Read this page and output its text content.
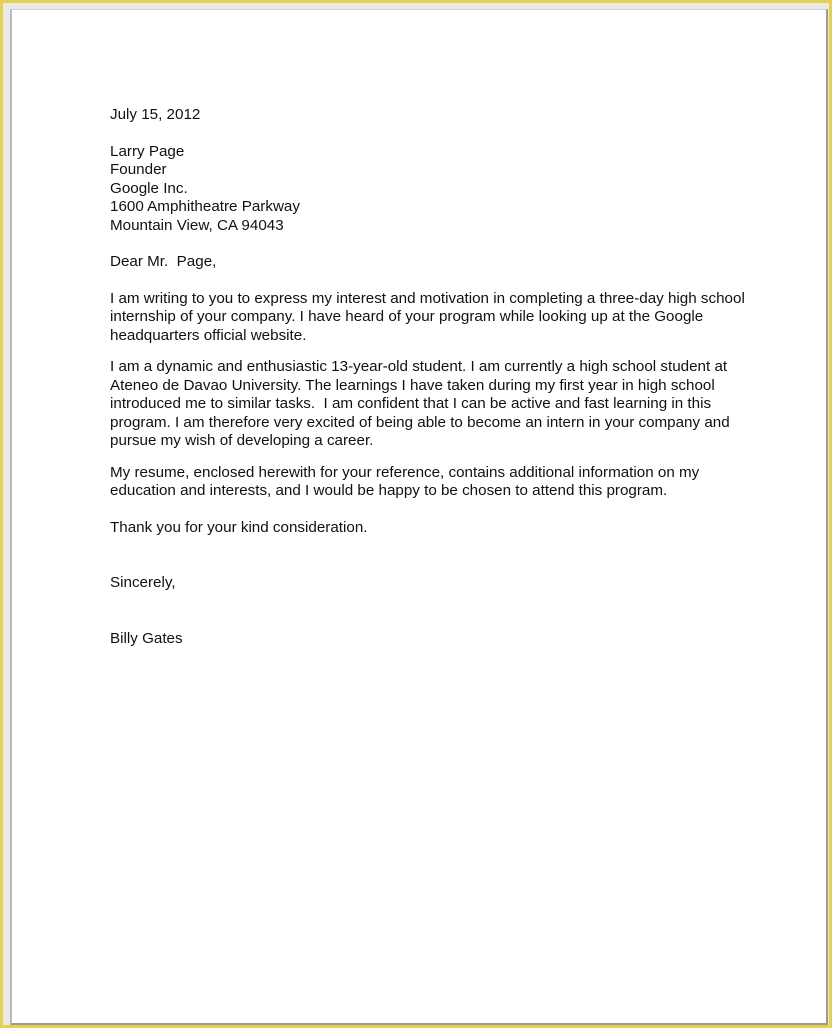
July 15, 2012

Larry Page
Founder
Google Inc.
1600 Amphitheatre Parkway
Mountain View, CA 94043

Dear Mr.  Page,

I am writing to you to express my interest and motivation in completing a three-day high school internship of your company. I have heard of your program while looking up at the Google headquarters official website.

I am a dynamic and enthusiastic 13-year-old student. I am currently a high school student at Ateneo de Davao University. The learnings I have taken during my first year in high school introduced me to similar tasks.  I am confident that I can be active and fast learning in this program. I am therefore very excited of being able to become an intern in your company and pursue my wish of developing a career.

My resume, enclosed herewith for your reference, contains additional information on my education and interests, and I would be happy to be chosen to attend this program.

Thank you for your kind consideration.

Sincerely,

Billy Gates
